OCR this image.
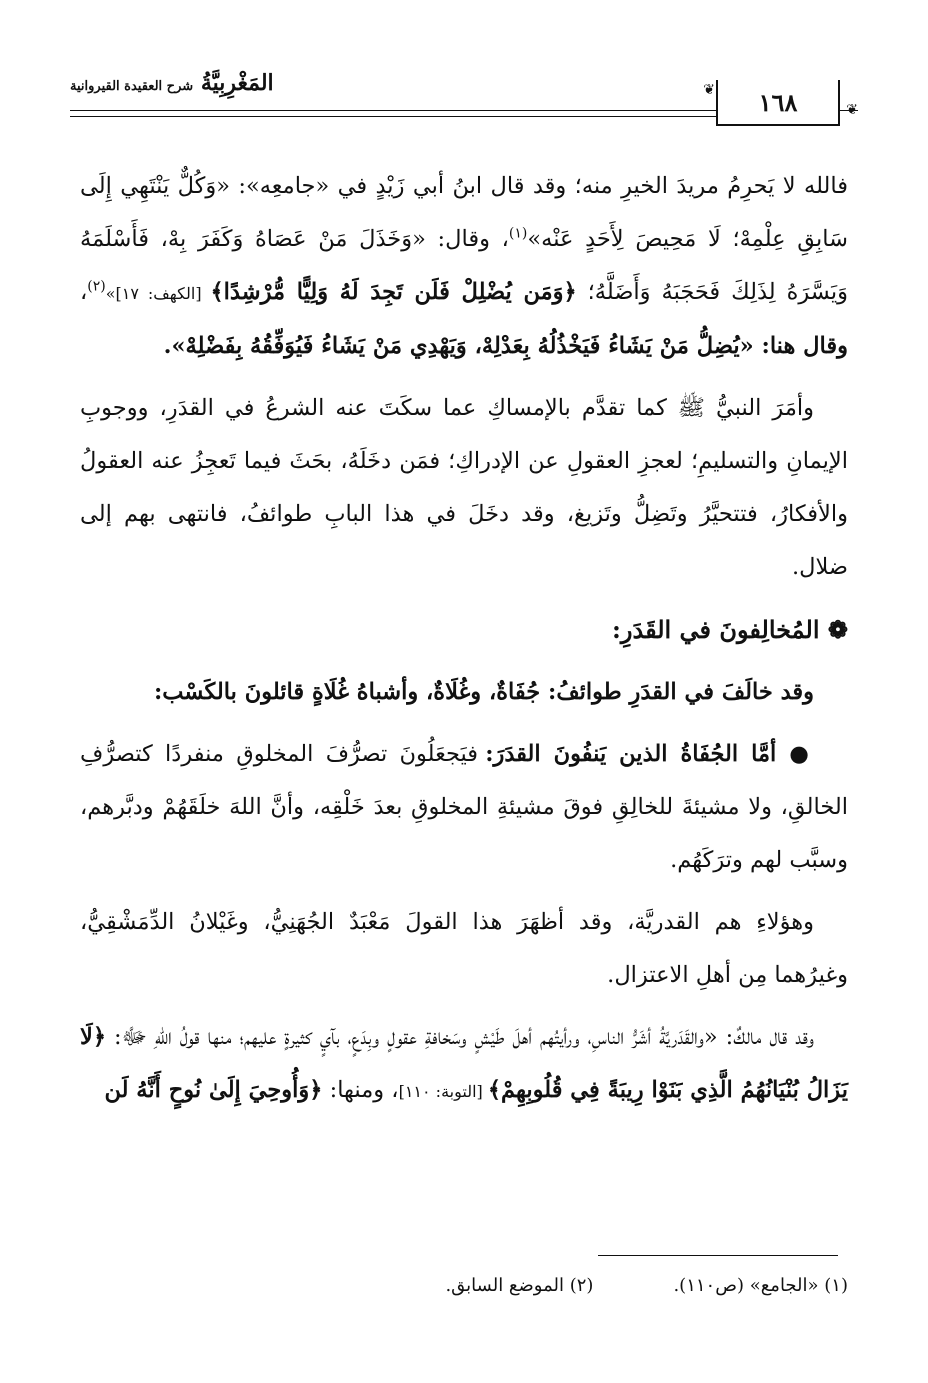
المَغْرِبِيَّةُ شرح العقيدة القيروانية	❦
❦
١٦٨

فالله لا يَحرِمُ مريدَ الخيرِ منه؛ وقد قال ابنُ أبي زَيْدٍ في «جامعِه»: «وَكُلٌّ يَنْتَهِي إِلَى سَابِقِ عِلْمِهْ؛ لَا مَحِيصَ لِأَحَدٍ عَنْه»$^{(١)}$، وقال: «وَخَذَلَ مَنْ عَصَاهُ وَكَفَرَ بِهْ، فَأَسْلَمَهُ وَيَسَّرَهُ لِذَلِكَ فَحَجَبَهُ وَأَضَلَّهُ؛ ﴿وَمَن يُضْلِلْ فَلَن تَجِدَ لَهُ وَلِيًّا مُّرْشِدًا﴾ [الكهف: ١٧]»$^{(٢)}$، وقال هنا: «يُضِلُّ مَنْ يَشَاءُ فَيَخْذُلُهُ بِعَدْلِهْ، وَيَهْدِي مَنْ يَشَاءُ فَيُوَفِّقُهُ بِفَضْلِهْ».

وأمَرَ النبيُّ ﷺ كما تقدَّم بالإمساكِ عما سكَتَ عنه الشرعُ في القدَرِ، ووجوبِ الإيمانِ والتسليمِ؛ لعجزِ العقولِ عن الإدراكِ؛ فمَن دخَلَهُ، بحَثَ فيما تَعجِزُ عنه العقولُ والأفكارُ، فتتحيَّرُ وتَضِلُّ وتَزيغ، وقد دخَلَ في هذا البابِ طوائفُ، فانتهى بهم إلى ضلال.

❁ المُخالِفونَ في القَدَرِ:

وقد خالَفَ في القدَرِ طوائفُ: جُفَاةٌ، وغُلَاةٌ، وأشباهُ غُلَاةٍ قائلونَ بالكَسْب:

● أمَّا الجُفَاةُ الذين يَنفُونَ القدَرَ: فيَجعَلُونَ تصرُّفَ المخلوقِ منفردًا كتصرُّفِ الخالقِ، ولا مشيئةَ للخالِقِ فوقَ مشيئةِ المخلوقِ بعدَ خَلْقِه، وأنَّ اللهَ خلَقَهُمْ ودبَّرهم، وسبَّب لهم وترَكَهُم.

وهؤلاءِ هم القدريَّة، وقد أظهَرَ هذا القولَ مَعْبَدٌ الجُهَنِيُّ، وغَيْلانُ الدِّمَشْقِيُّ، وغيرُهما مِن أهلِ الاعتزال.

وقد قال مالكٌ: «والقَدَريَّةُ أشَرُّ الناسِ، ورأيتُهم أهلَ طَيْشٍ وسَخافةِ عقولٍ وبِدَعٍ، بآيٍ كثيرةٍ عليهم؛ منها قولُ اللهِ ﷻ: ﴿لَا يَزَالُ بُنْيَانُهُمُ الَّذِي بَنَوْا رِيبَةً فِي قُلُوبِهِمْ﴾ [التوبة: ١١٠]، ومنها: ﴿وَأُوحِيَ إِلَىٰ نُوحٍ أَنَّهُ لَن

(١) «الجامع» (ص١١٠).
(٢) الموضع السابق.
